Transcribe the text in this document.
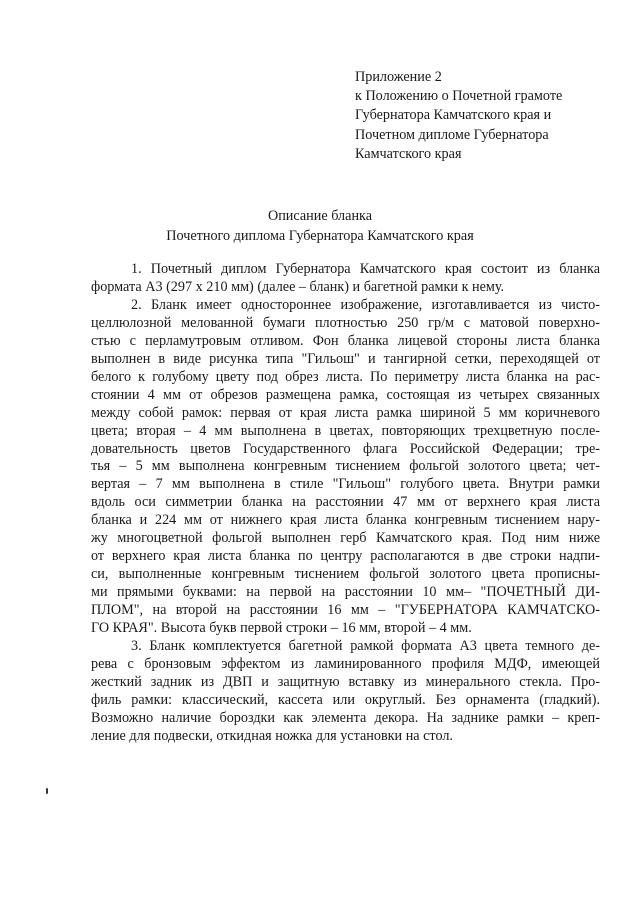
Приложение 2
к Положению о Почетной грамоте
Губернатора Камчатского края и
Почетном дипломе Губернатора
Камчатского края
Описание бланка
Почетного диплома Губернатора Камчатского края
1. Почетный диплом Губернатора Камчатского края состоит из бланка
формата А3 (297 х 210 мм) (далее – бланк) и багетной рамки к нему.
2. Бланк имеет одностороннее изображение, изготавливается из чисто-
целлюлозной мелованной бумаги плотностью 250 гр/м с матовой поверхно-
стью с перламутровым отливом. Фон бланка лицевой стороны листа бланка
выполнен в виде рисунка типа "Гильош" и тангирной сетки, переходящей от
белого к голубому цвету под обрез листа. По периметру листа бланка на рас-
стоянии 4 мм от обрезов размещена рамка, состоящая из четырех связанных
между собой рамок: первая от края листа рамка шириной 5 мм коричневого
цвета; вторая – 4 мм выполнена в цветах, повторяющих трехцветную после-
довательность цветов Государственного флага Российской Федерации; тре-
тья – 5 мм выполнена конгревным тиснением фольгой золотого цвета; чет-
вертая – 7 мм выполнена в стиле "Гильош" голубого цвета. Внутри рамки
вдоль оси симметрии бланка на расстоянии 47 мм от верхнего края листа
бланка и 224 мм от нижнего края листа бланка конгревным тиснением нару-
жу многоцветной фольгой выполнен герб Камчатского края. Под ним ниже
от верхнего края листа бланка по центру располагаются в две строки надпи-
си, выполненные конгревным тиснением фольгой золотого цвета прописны-
ми прямыми буквами: на первой на расстоянии 10 мм– "ПОЧЕТНЫЙ ДИ-
ПЛОМ", на второй на расстоянии 16 мм – "ГУБЕРНАТОРА КАМЧАТСКО-
ГО КРАЯ". Высота букв первой строки – 16 мм, второй – 4 мм.
3. Бланк комплектуется багетной рамкой формата А3 цвета темного де-
рева с бронзовым эффектом из ламинированного профиля МДФ, имеющей
жесткий задник из ДВП и защитную вставку из минерального стекла. Про-
филь рамки: классический, кассета или округлый. Без орнамента (гладкий).
Возможно наличие бороздки как элемента декора. На заднике рамки – креп-
ление для подвески, откидная ножка для установки на стол.
